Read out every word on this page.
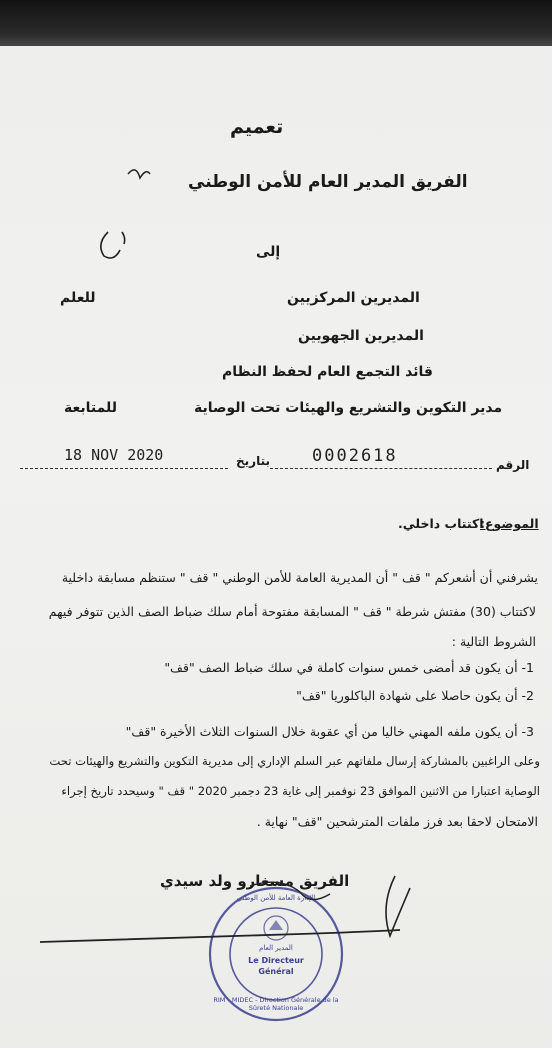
تعميم
الفريق المدير العام للأمن الوطني
إلى
المديرين المركزيين
للعلم
المديرين الجهويين
قائد التجمع العام لحفظ النظام
مدير التكوين والتشريع والهيئات تحت الوصاية
للمتابعة
18 NOV 2020	بتاريخ 0002618	الرقم
الموضوع:
اكتتاب داخلي.
يشرفني أن أشعركم " قف " أن المديرية العامة للأمن الوطني " قف " ستنظم مسابقة داخلية
لاكتتاب (30) مفتش شرطة " قف " المسابقة مفتوحة أمام سلك ضباط الصف الذين تتوفر فيهم
الشروط التالية :
1- أن يكون قد أمضى خمس سنوات كاملة في سلك ضباط الصف "قف"
2- أن يكون حاصلا على شهادة الباكلوريا "قف"
3- أن يكون ملفه المهني خاليا من أي عقوبة خلال السنوات الثلاث الأخيرة "قف"
وعلى الراغبين بالمشاركة إرسال ملفاتهم عبر السلم الإداري إلى مديرية التكوين والتشريع والهيئات تحت
الوصاية اعتبارا من الاثنين الموافق 23 نوفمبر إلى غاية 23 دجمبر 2020 " قف " وسيحدد تاريخ إجراء
الامتحان لاحقا بعد فرز ملفات المترشحين "قف" نهاية .
الفريق مسغارو ولد سيدي
المدير العام
Le Directeur
Général
RIM - MIDEC - Direction Générale de la Sûreté Nationale
الإدارة العامة للأمن الوطني
